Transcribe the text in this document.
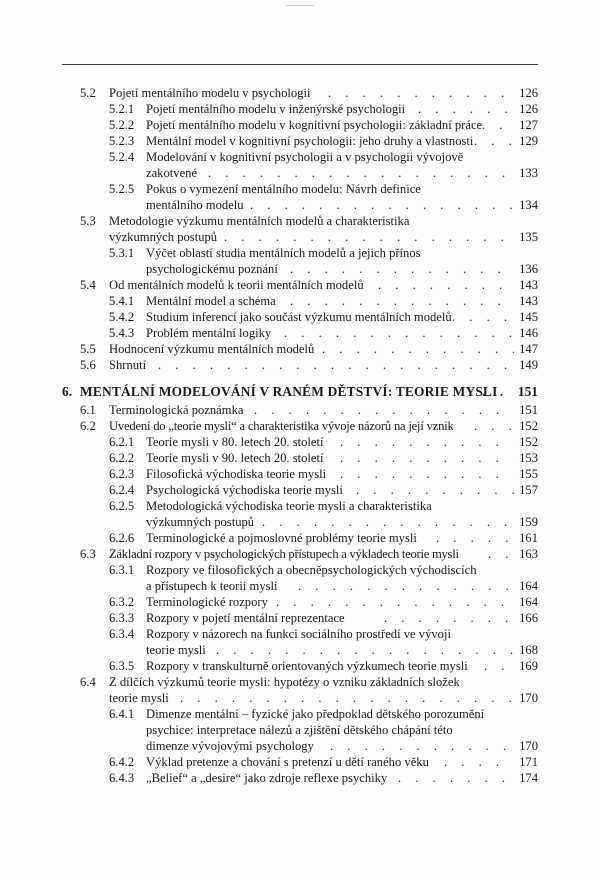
5.2 Pojetí mentálního modelu v psychologii . . .	126
5.2.1 Pojetí mentálního modelu v inženýrské psychologii . . .	126
5.2.2 Pojetí mentálního modelu v kognitivní psychologii: základní práce . . .	127
5.2.3 Mentální model v kognitivní psychologii: jeho druhy a vlastnosti . . .	129
5.2.4 Modelování v kognitivní psychologii a v psychologii vývojově
zakotvené . . .	133
5.2.5 Pokus o vymezení mentálního modelu: Návrh definice
mentálního modelu . . .	134
5.3 Metodologie výzkumu mentálních modelů a charakteristika
výzkumných postupů . . .	135
5.3.1 Výčet oblastí studia mentálních modelů a jejich přínos
psychologickému poznání . . .	136
5.4 Od mentálních modelů k teorii mentálních modelů . . .	143
5.4.1 Mentální model a schéma . . .	143
5.4.2 Studium inferencí jako součást výzkumu mentálních modelů . . .	145
5.4.3 Problém mentální logiky . . .	146
5.5 Hodnocení výzkumu mentálních modelů . . .	147
5.6 Shrnutí . . .	149
6. MENTÁLNÍ MODELOVÁNÍ V RANÉM DĚTSTVÍ: TEORIE MYSLI . . . 151
6.1 Terminologická poznámka . . .	151
6.2 Uvedení do „teorie mysli“ a charakteristika vývoje názorů na její vznik . . .	152
6.2.1 Teorie mysli v 80. letech 20. století . . .	152
6.2.2 Teorie mysli v 90. letech 20. století . . .	153
6.2.3 Filosofická východiska teorie mysli . . .	155
6.2.4 Psychologická východiska teorie mysli . . .	157
6.2.5 Metodologická východiska teorie mysli a charakteristika
výzkumných postupů . . .	159
6.2.6 Terminologické a pojmoslovné problémy teorie mysli . . .	161
6.3 Základní rozpory v psychologických přístupech a výkladech teorie mysli . . .	163
6.3.1 Rozpory ve filosofických a obecněpsychologických východiscích
a přístupech k teorii mysli . . .	164
6.3.2 Terminologické rozpory . . .	164
6.3.3 Rozpory v pojetí mentální reprezentace . . .	166
6.3.4 Rozpory v názorech na funkci sociálního prostředí ve vývoji
teorie mysli . . .	168
6.3.5 Rozpory v transkulturně orientovaných výzkumech teorie mysli . . .	169
6.4 Z dílčích výzkumů teorie mysli: hypotézy o vzniku základních složek
teorie mysli . . .	170
6.4.1 Dimenze mentální – fyzické jako předpoklad dětského porozumění
psychice: interpretace nálezů a zjištění dětského chápání této
dimenze vývojovými psychology . . .	170
6.4.2 Výklad pretenze a chování s pretenzí u dětí raného věku . . .	171
6.4.3 „Belief“ a „desire“ jako zdroje reflexe psychiky . . .	174
